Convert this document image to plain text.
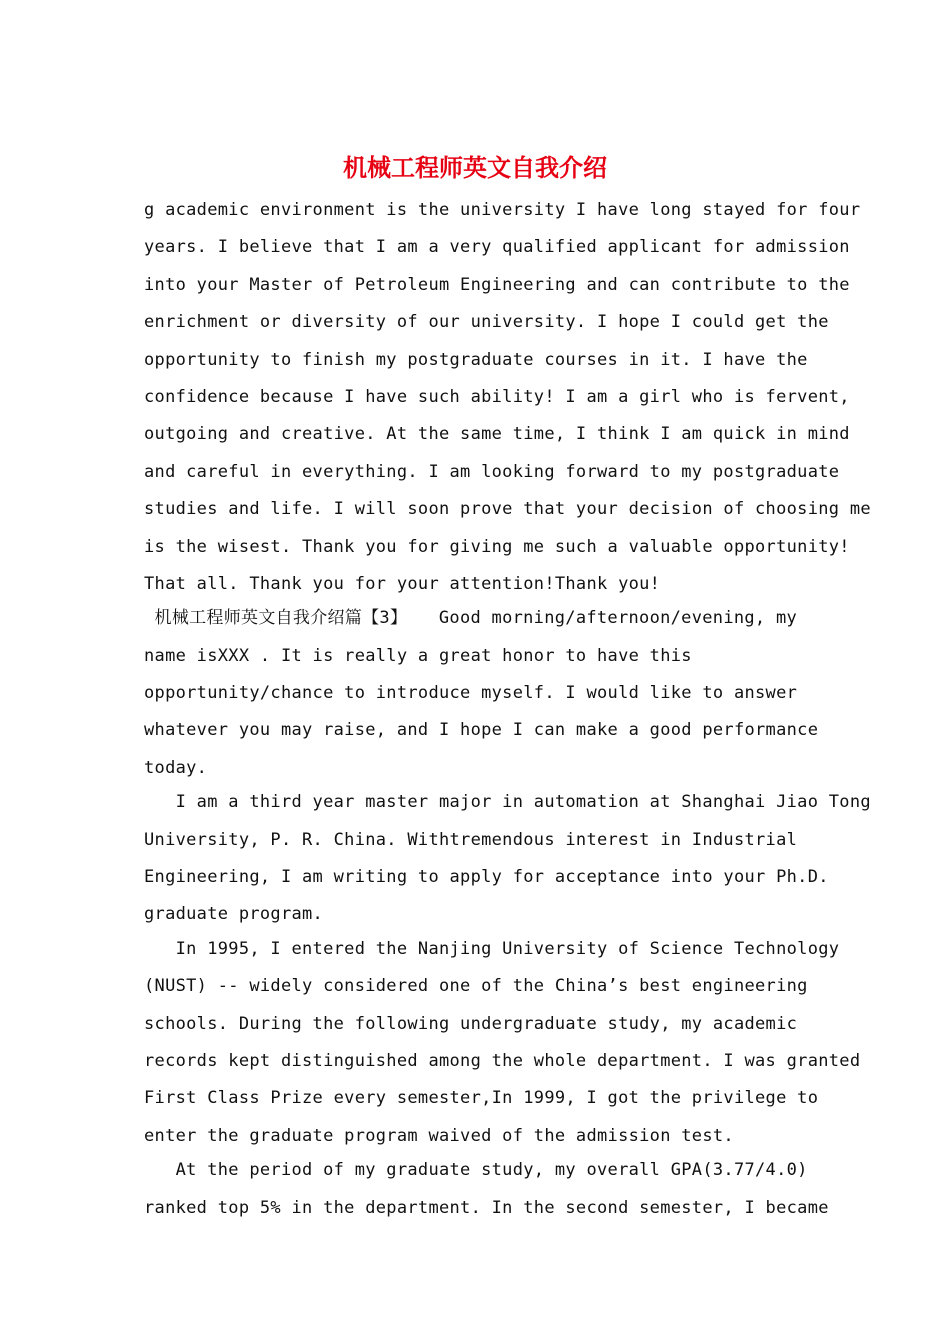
机械工程师英文自我介绍
g academic environment is the university I have long stayed for four
years. I believe that I am a very qualified applicant for admission
into your Master of Petroleum Engineering and can contribute to the
enrichment or diversity of our university. I hope I could get the
opportunity to finish my postgraduate courses in it. I have the
confidence because I have such ability! I am a girl who is fervent,
outgoing and creative. At the same time, I think I am quick in mind
and careful in everything. I am looking forward to my postgraduate
studies and life. I will soon prove that your decision of choosing me
is the wisest. Thank you for giving me such a valuable opportunity!
That all. Thank you for your attention!Thank you!
机械工程师英文自我介绍篇【3】   Good morning/afternoon/evening, my
name isXXX . It is really a great honor to have this
opportunity/chance to introduce myself. I would like to answer
whatever you may raise, and I hope I can make a good performance
today.
I am a third year master major in automation at Shanghai Jiao Tong
University, P. R. China. Withtremendous interest in Industrial
Engineering, I am writing to apply for acceptance into your Ph.D.
graduate program.
In 1995, I entered the Nanjing University of Science Technology
(NUST) -- widely considered one of the China’s best engineering
schools. During the following undergraduate study, my academic
records kept distinguished among the whole department. I was granted
First Class Prize every semester,In 1999, I got the privilege to
enter the graduate program waived of the admission test.
At the period of my graduate study, my overall GPA(3.77/4.0)
ranked top 5% in the department. In the second semester, I became
